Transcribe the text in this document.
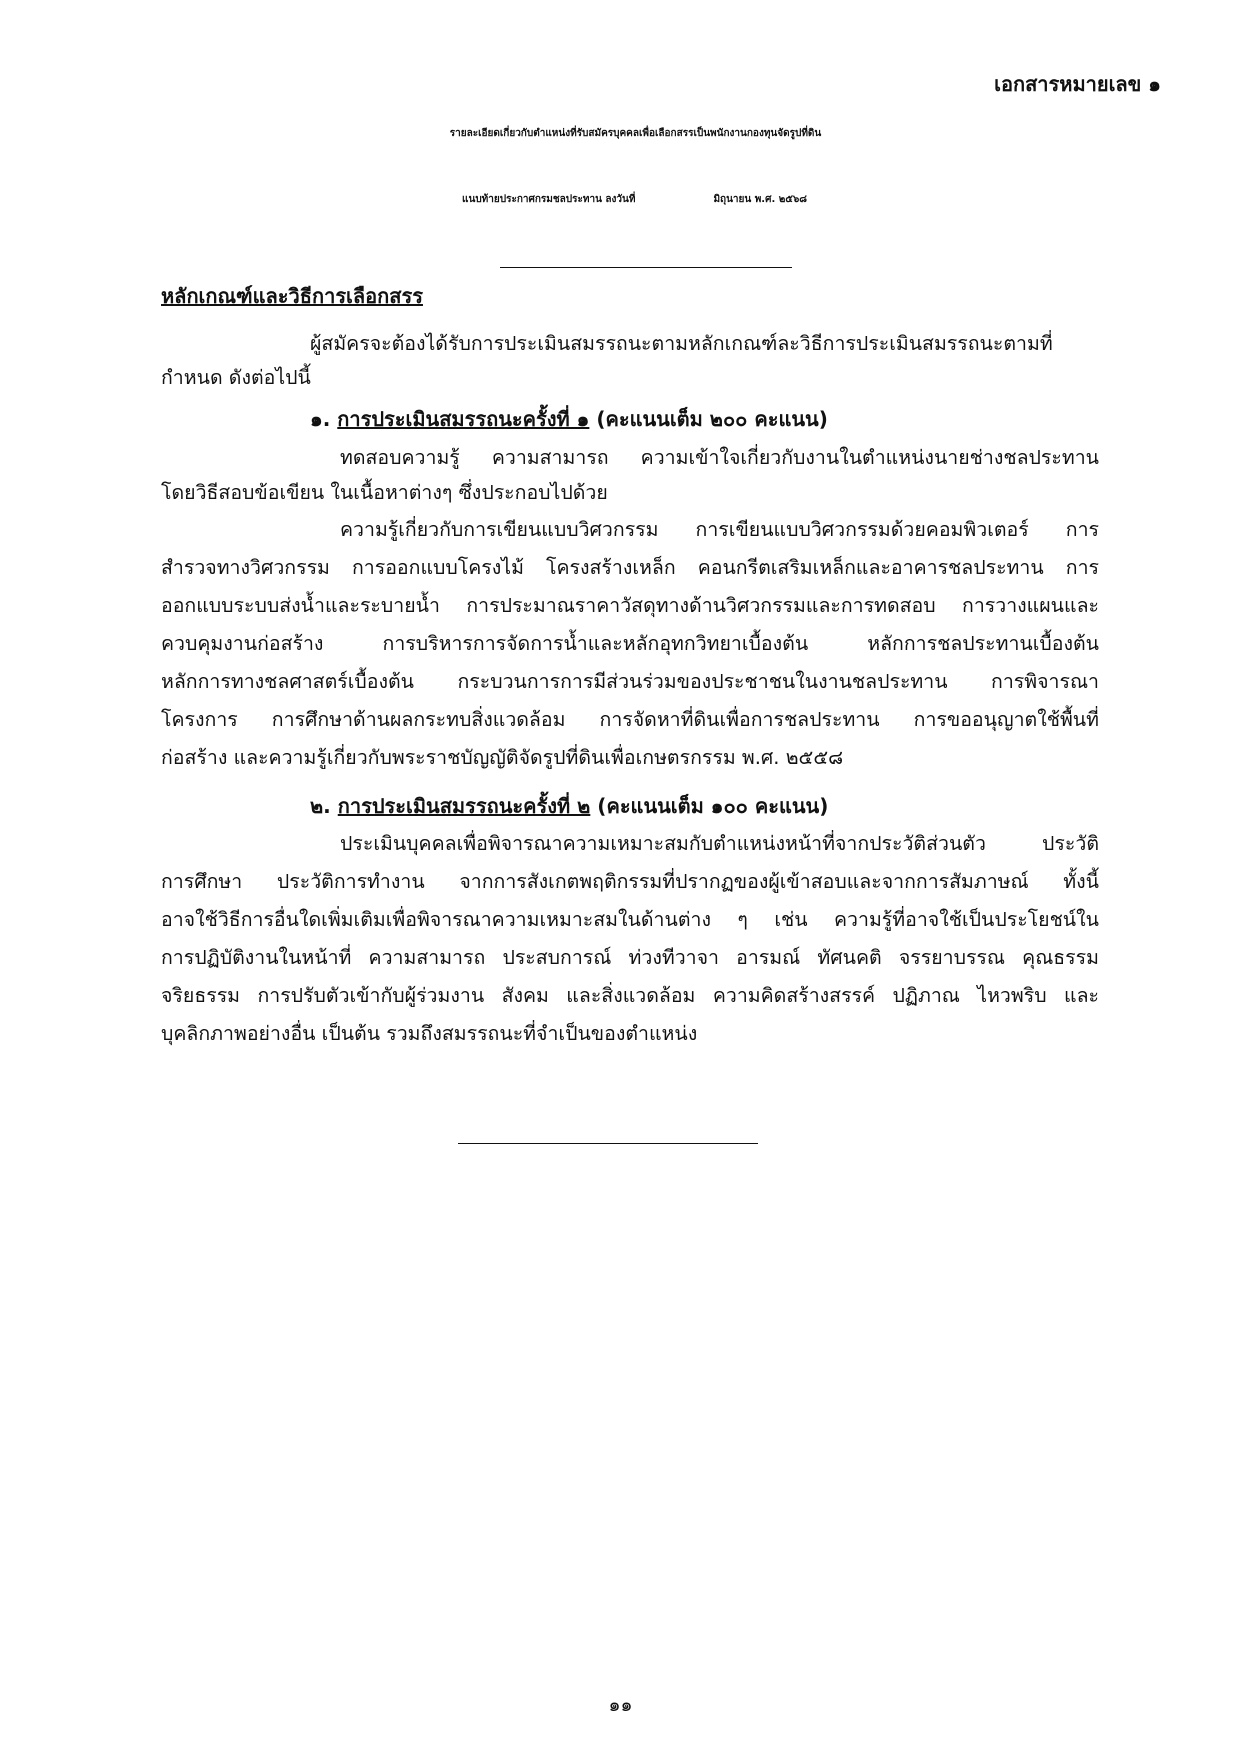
เอกสารหมายเลข ๑
รายละเอียดเกี่ยวกับตำแหน่งที่รับสมัครบุคคลเพื่อเลือกสรรเป็นพนักงานกองทุนจัดรูปที่ดิน
แนบท้ายประกาศกรมชลประทาน ลงวันที่	มิถุนายน พ.ศ. ๒๕๖๘
หลักเกณฑ์และวิธีการเลือกสรร
ผู้สมัครจะต้องได้รับการประเมินสมรรถนะตามหลักเกณฑ์ละวิธีการประเมินสมรรถนะตามที่
กำหนด ดังต่อไปนี้
๑. การประเมินสมรรถนะครั้งที่ ๑ (คะแนนเต็ม ๒๐๐ คะแนน)
ทดสอบความรู้ ความสามารถ ความเข้าใจเกี่ยวกับงานในตำแหน่งนายช่างชลประทาน
โดยวิธีสอบข้อเขียน ในเนื้อหาต่างๆ ซึ่งประกอบไปด้วย
ความรู้เกี่ยวกับการเขียนแบบวิศวกรรม การเขียนแบบวิศวกรรมด้วยคอมพิวเตอร์ การ
สำรวจทางวิศวกรรม การออกแบบโครงไม้ โครงสร้างเหล็ก คอนกรีตเสริมเหล็กและอาคารชลประทาน การ
ออกแบบระบบส่งน้ำและระบายน้ำ การประมาณราคาวัสดุทางด้านวิศวกรรมและการทดสอบ การวางแผนและ
ควบคุมงานก่อสร้าง การบริหารการจัดการน้ำและหลักอุทกวิทยาเบื้องต้น หลักการชลประทานเบื้องต้น
หลักการทางชลศาสตร์เบื้องต้น กระบวนการการมีส่วนร่วมของประชาชนในงานชลประทาน การพิจารณา
โครงการ การศึกษาด้านผลกระทบสิ่งแวดล้อม การจัดหาที่ดินเพื่อการชลประทาน การขออนุญาตใช้พื้นที่
ก่อสร้าง และความรู้เกี่ยวกับพระราชบัญญัติจัดรูปที่ดินเพื่อเกษตรกรรม พ.ศ. ๒๕๕๘
๒. การประเมินสมรรถนะครั้งที่ ๒ (คะแนนเต็ม ๑๐๐ คะแนน)
ประเมินบุคคลเพื่อพิจารณาความเหมาะสมกับตำแหน่งหน้าที่จากประวัติส่วนตัว ประวัติ
การศึกษา ประวัติการทำงาน จากการสังเกตพฤติกรรมที่ปรากฏของผู้เข้าสอบและจากการสัมภาษณ์ ทั้งนี้
อาจใช้วิธีการอื่นใดเพิ่มเติมเพื่อพิจารณาความเหมาะสมในด้านต่าง ๆ เช่น ความรู้ที่อาจใช้เป็นประโยชน์ใน
การปฏิบัติงานในหน้าที่ ความสามารถ ประสบการณ์ ท่วงทีวาจา อารมณ์ ทัศนคติ จรรยาบรรณ คุณธรรม
จริยธรรม การปรับตัวเข้ากับผู้ร่วมงาน สังคม และสิ่งแวดล้อม ความคิดสร้างสรรค์ ปฏิภาณ ไหวพริบ และ
บุคลิกภาพอย่างอื่น เป็นต้น รวมถึงสมรรถนะที่จำเป็นของตำแหน่ง
๑๑
